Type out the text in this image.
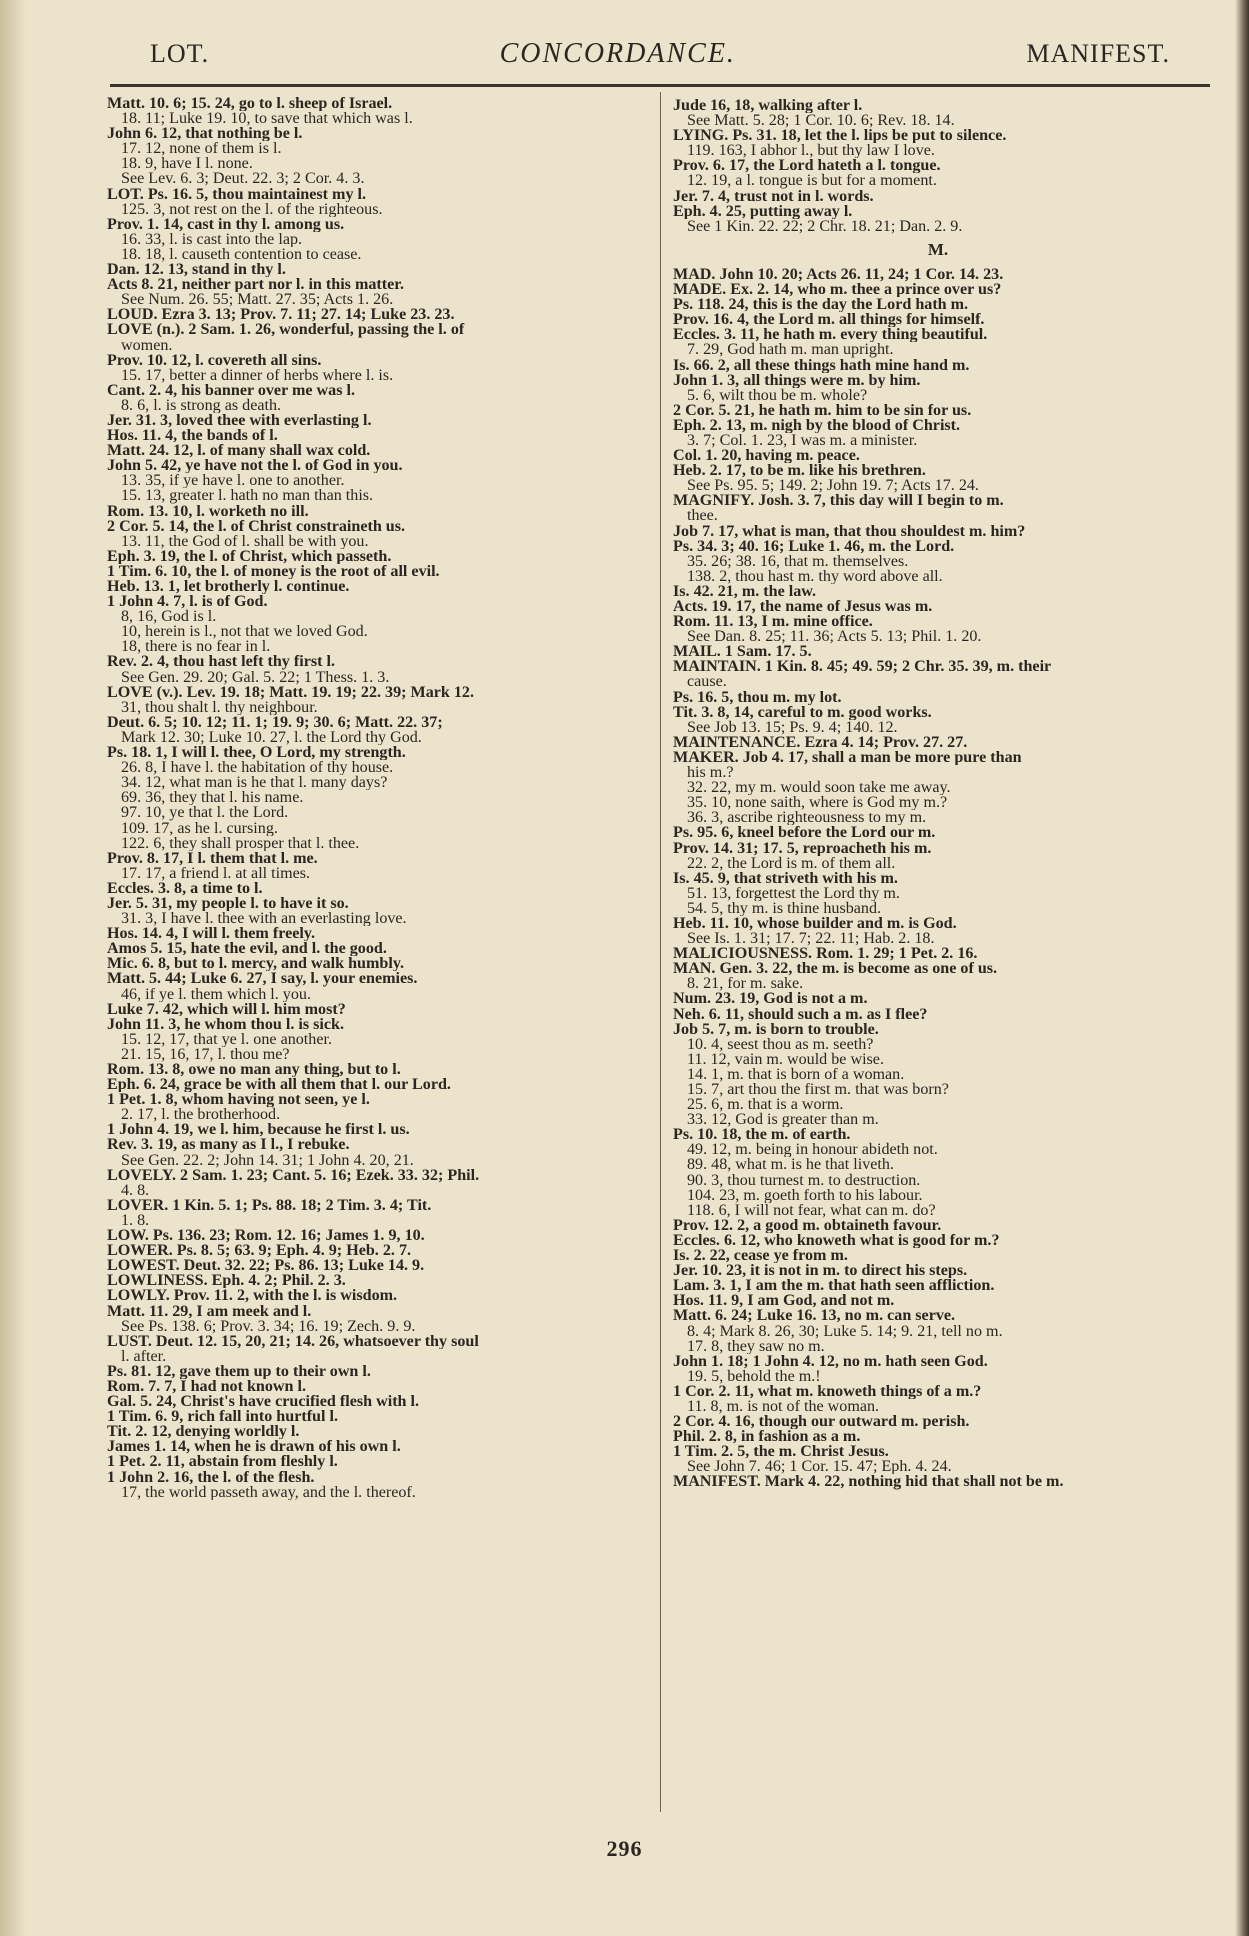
LOT.	CONCORDANCE.	MANIFEST.
Matt. 10. 6; 15. 24, go to l. sheep of Israel.
18. 11; Luke 19. 10, to save that which was l.
John 6. 12, that nothing be l.
17. 12, none of them is l.
18. 9, have I l. none.
See Lev. 6. 3; Deut. 22. 3; 2 Cor. 4. 3.
LOT. Ps. 16. 5, thou maintainest my l.
125. 3, not rest on the l. of the righteous.
Prov. 1. 14, cast in thy l. among us.
16. 33, l. is cast into the lap.
18. 18, l. causeth contention to cease.
Dan. 12. 13, stand in thy l.
Acts 8. 21, neither part nor l. in this matter.
See Num. 26. 55; Matt. 27. 35; Acts 1. 26.
LOUD. Ezra 3. 13; Prov. 7. 11; 27. 14; Luke 23. 23.
LOVE (n.). 2 Sam. 1. 26, wonderful, passing the l. of
women.
Prov. 10. 12, l. covereth all sins.
15. 17, better a dinner of herbs where l. is.
Cant. 2. 4, his banner over me was l.
8. 6, l. is strong as death.
Jer. 31. 3, loved thee with everlasting l.
Hos. 11. 4, the bands of l.
Matt. 24. 12, l. of many shall wax cold.
John 5. 42, ye have not the l. of God in you.
13. 35, if ye have l. one to another.
15. 13, greater l. hath no man than this.
Rom. 13. 10, l. worketh no ill.
2 Cor. 5. 14, the l. of Christ constraineth us.
13. 11, the God of l. shall be with you.
Eph. 3. 19, the l. of Christ, which passeth.
1 Tim. 6. 10, the l. of money is the root of all evil.
Heb. 13. 1, let brotherly l. continue.
1 John 4. 7, l. is of God.
8, 16, God is l.
10, herein is l., not that we loved God.
18, there is no fear in l.
Rev. 2. 4, thou hast left thy first l.
See Gen. 29. 20; Gal. 5. 22; 1 Thess. 1. 3.
LOVE (v.). Lev. 19. 18; Matt. 19. 19; 22. 39; Mark 12.
31, thou shalt l. thy neighbour.
Deut. 6. 5; 10. 12; 11. 1; 19. 9; 30. 6; Matt. 22. 37;
Mark 12. 30; Luke 10. 27, l. the Lord thy God.
Ps. 18. 1, I will l. thee, O Lord, my strength.
26. 8, I have l. the habitation of thy house.
34. 12, what man is he that l. many days?
69. 36, they that l. his name.
97. 10, ye that l. the Lord.
109. 17, as he l. cursing.
122. 6, they shall prosper that l. thee.
Prov. 8. 17, I l. them that l. me.
17. 17, a friend l. at all times.
Eccles. 3. 8, a time to l.
Jer. 5. 31, my people l. to have it so.
31. 3, I have l. thee with an everlasting love.
Hos. 14. 4, I will l. them freely.
Amos 5. 15, hate the evil, and l. the good.
Mic. 6. 8, but to l. mercy, and walk humbly.
Matt. 5. 44; Luke 6. 27, I say, l. your enemies.
46, if ye l. them which l. you.
Luke 7. 42, which will l. him most?
John 11. 3, he whom thou l. is sick.
15. 12, 17, that ye l. one another.
21. 15, 16, 17, l. thou me?
Rom. 13. 8, owe no man any thing, but to l.
Eph. 6. 24, grace be with all them that l. our Lord.
1 Pet. 1. 8, whom having not seen, ye l.
2. 17, l. the brotherhood.
1 John 4. 19, we l. him, because he first l. us.
Rev. 3. 19, as many as I l., I rebuke.
See Gen. 22. 2; John 14. 31; 1 John 4. 20, 21.
LOVELY. 2 Sam. 1. 23; Cant. 5. 16; Ezek. 33. 32; Phil.
4. 8.
LOVER. 1 Kin. 5. 1; Ps. 88. 18; 2 Tim. 3. 4; Tit.
1. 8.
LOW. Ps. 136. 23; Rom. 12. 16; James 1. 9, 10.
LOWER. Ps. 8. 5; 63. 9; Eph. 4. 9; Heb. 2. 7.
LOWEST. Deut. 32. 22; Ps. 86. 13; Luke 14. 9.
LOWLINESS. Eph. 4. 2; Phil. 2. 3.
LOWLY. Prov. 11. 2, with the l. is wisdom.
Matt. 11. 29, I am meek and l.
See Ps. 138. 6; Prov. 3. 34; 16. 19; Zech. 9. 9.
LUST. Deut. 12. 15, 20, 21; 14. 26, whatsoever thy soul
l. after.
Ps. 81. 12, gave them up to their own l.
Rom. 7. 7, I had not known l.
Gal. 5. 24, Christ's have crucified flesh with l.
1 Tim. 6. 9, rich fall into hurtful l.
Tit. 2. 12, denying worldly l.
James 1. 14, when he is drawn of his own l.
1 Pet. 2. 11, abstain from fleshly l.
1 John 2. 16, the l. of the flesh.
17, the world passeth away, and the l. thereof.
Jude 16, 18, walking after l.
See Matt. 5. 28; 1 Cor. 10. 6; Rev. 18. 14.
LYING. Ps. 31. 18, let the l. lips be put to silence.
119. 163, I abhor l., but thy law I love.
Prov. 6. 17, the Lord hateth a l. tongue.
12. 19, a l. tongue is but for a moment.
Jer. 7. 4, trust not in l. words.
Eph. 4. 25, putting away l.
See 1 Kin. 22. 22; 2 Chr. 18. 21; Dan. 2. 9.
M.
MAD. John 10. 20; Acts 26. 11, 24; 1 Cor. 14. 23.
MADE. Ex. 2. 14, who m. thee a prince over us?
Ps. 118. 24, this is the day the Lord hath m.
Prov. 16. 4, the Lord m. all things for himself.
Eccles. 3. 11, he hath m. every thing beautiful.
7. 29, God hath m. man upright.
Is. 66. 2, all these things hath mine hand m.
John 1. 3, all things were m. by him.
5. 6, wilt thou be m. whole?
2 Cor. 5. 21, he hath m. him to be sin for us.
Eph. 2. 13, m. nigh by the blood of Christ.
3. 7; Col. 1. 23, I was m. a minister.
Col. 1. 20, having m. peace.
Heb. 2. 17, to be m. like his brethren.
See Ps. 95. 5; 149. 2; John 19. 7; Acts 17. 24.
MAGNIFY. Josh. 3. 7, this day will I begin to m.
thee.
Job 7. 17, what is man, that thou shouldest m. him?
Ps. 34. 3; 40. 16; Luke 1. 46, m. the Lord.
35. 26; 38. 16, that m. themselves.
138. 2, thou hast m. thy word above all.
Is. 42. 21, m. the law.
Acts. 19. 17, the name of Jesus was m.
Rom. 11. 13, I m. mine office.
See Dan. 8. 25; 11. 36; Acts 5. 13; Phil. 1. 20.
MAIL. 1 Sam. 17. 5.
MAINTAIN. 1 Kin. 8. 45; 49. 59; 2 Chr. 35. 39, m. their
cause.
Ps. 16. 5, thou m. my lot.
Tit. 3. 8, 14, careful to m. good works.
See Job 13. 15; Ps. 9. 4; 140. 12.
MAINTENANCE. Ezra 4. 14; Prov. 27. 27.
MAKER. Job 4. 17, shall a man be more pure than
his m.?
32. 22, my m. would soon take me away.
35. 10, none saith, where is God my m.?
36. 3, ascribe righteousness to my m.
Ps. 95. 6, kneel before the Lord our m.
Prov. 14. 31; 17. 5, reproacheth his m.
22. 2, the Lord is m. of them all.
Is. 45. 9, that striveth with his m.
51. 13, forgettest the Lord thy m.
54. 5, thy m. is thine husband.
Heb. 11. 10, whose builder and m. is God.
See Is. 1. 31; 17. 7; 22. 11; Hab. 2. 18.
MALICIOUSNESS. Rom. 1. 29; 1 Pet. 2. 16.
MAN. Gen. 3. 22, the m. is become as one of us.
8. 21, for m. sake.
Num. 23. 19, God is not a m.
Neh. 6. 11, should such a m. as I flee?
Job 5. 7, m. is born to trouble.
10. 4, seest thou as m. seeth?
11. 12, vain m. would be wise.
14. 1, m. that is born of a woman.
15. 7, art thou the first m. that was born?
25. 6, m. that is a worm.
33. 12, God is greater than m.
Ps. 10. 18, the m. of earth.
49. 12, m. being in honour abideth not.
89. 48, what m. is he that liveth.
90. 3, thou turnest m. to destruction.
104. 23, m. goeth forth to his labour.
118. 6, I will not fear, what can m. do?
Prov. 12. 2, a good m. obtaineth favour.
Eccles. 6. 12, who knoweth what is good for m.?
Is. 2. 22, cease ye from m.
Jer. 10. 23, it is not in m. to direct his steps.
Lam. 3. 1, I am the m. that hath seen affliction.
Hos. 11. 9, I am God, and not m.
Matt. 6. 24; Luke 16. 13, no m. can serve.
8. 4; Mark 8. 26, 30; Luke 5. 14; 9. 21, tell no m.
17. 8, they saw no m.
John 1. 18; 1 John 4. 12, no m. hath seen God.
19. 5, behold the m.!
1 Cor. 2. 11, what m. knoweth things of a m.?
11. 8, m. is not of the woman.
2 Cor. 4. 16, though our outward m. perish.
Phil. 2. 8, in fashion as a m.
1 Tim. 2. 5, the m. Christ Jesus.
See John 7. 46; 1 Cor. 15. 47; Eph. 4. 24.
MANIFEST. Mark 4. 22, nothing hid that shall not be m.
296
